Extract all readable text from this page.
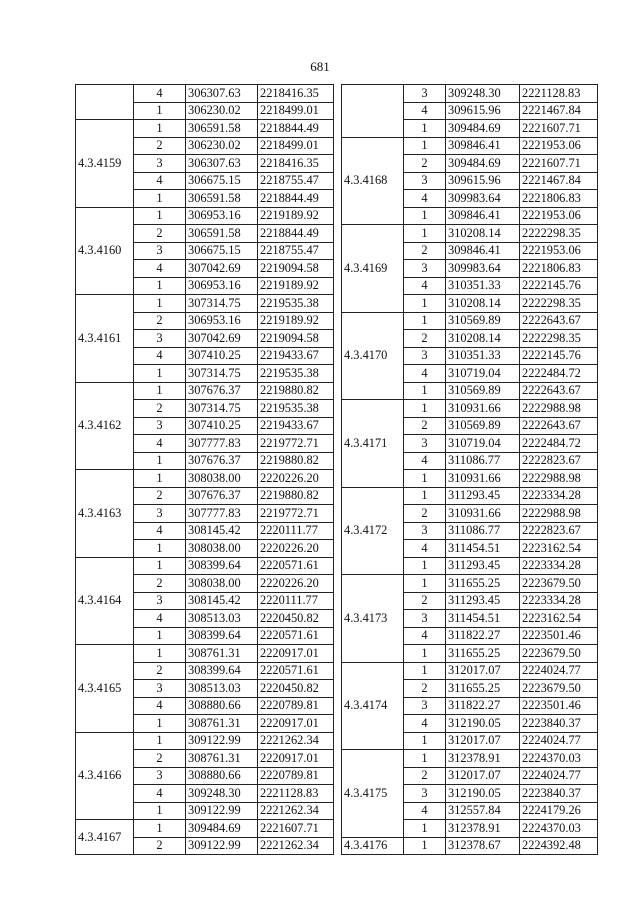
681
	4	306307.63	2218416.35
	1	306230.02	2218499.01
4.3.4159	1	306591.58	2218844.49
	2	306230.02	2218499.01
	3	306307.63	2218416.35
	4	306675.15	2218755.47
	1	306591.58	2218844.49
4.3.4160	1	306953.16	2219189.92
	2	306591.58	2218844.49
	3	306675.15	2218755.47
	4	307042.69	2219094.58
	1	306953.16	2219189.92
4.3.4161	1	307314.75	2219535.38
	2	306953.16	2219189.92
	3	307042.69	2219094.58
	4	307410.25	2219433.67
	1	307314.75	2219535.38
4.3.4162	1	307676.37	2219880.82
	2	307314.75	2219535.38
	3	307410.25	2219433.67
	4	307777.83	2219772.71
	1	307676.37	2219880.82
4.3.4163	1	308038.00	2220226.20
	2	307676.37	2219880.82
	3	307777.83	2219772.71
	4	308145.42	2220111.77
	1	308038.00	2220226.20
4.3.4164	1	308399.64	2220571.61
	2	308038.00	2220226.20
	3	308145.42	2220111.77
	4	308513.03	2220450.82
	1	308399.64	2220571.61
4.3.4165	1	308761.31	2220917.01
	2	308399.64	2220571.61
	3	308513.03	2220450.82
	4	308880.66	2220789.81
	1	308761.31	2220917.01
4.3.4166	1	309122.99	2221262.34
	2	308761.31	2220917.01
	3	308880.66	2220789.81
	4	309248.30	2221128.83
	1	309122.99	2221262.34
4.3.4167	1	309484.69	2221607.71
	2	309122.99	2221262.34
	3	309248.30	2221128.83
	4	309615.96	2221467.84
	1	309484.69	2221607.71
4.3.4168	1	309846.41	2221953.06
	2	309484.69	2221607.71
	3	309615.96	2221467.84
	4	309983.64	2221806.83
	1	309846.41	2221953.06
4.3.4169	1	310208.14	2222298.35
	2	309846.41	2221953.06
	3	309983.64	2221806.83
	4	310351.33	2222145.76
	1	310208.14	2222298.35
4.3.4170	1	310569.89	2222643.67
	2	310208.14	2222298.35
	3	310351.33	2222145.76
	4	310719.04	2222484.72
	1	310569.89	2222643.67
4.3.4171	1	310931.66	2222988.98
	2	310569.89	2222643.67
	3	310719.04	2222484.72
	4	311086.77	2222823.67
	1	310931.66	2222988.98
4.3.4172	1	311293.45	2223334.28
	2	310931.66	2222988.98
	3	311086.77	2222823.67
	4	311454.51	2223162.54
	1	311293.45	2223334.28
4.3.4173	1	311655.25	2223679.50
	2	311293.45	2223334.28
	3	311454.51	2223162.54
	4	311822.27	2223501.46
	1	311655.25	2223679.50
4.3.4174	1	312017.07	2224024.77
	2	311655.25	2223679.50
	3	311822.27	2223501.46
	4	312190.05	2223840.37
	1	312017.07	2224024.77
4.3.4175	1	312378.91	2224370.03
	2	312017.07	2224024.77
	3	312190.05	2223840.37
	4	312557.84	2224179.26
	1	312378.91	2224370.03
4.3.4176	1	312378.67	2224392.48
